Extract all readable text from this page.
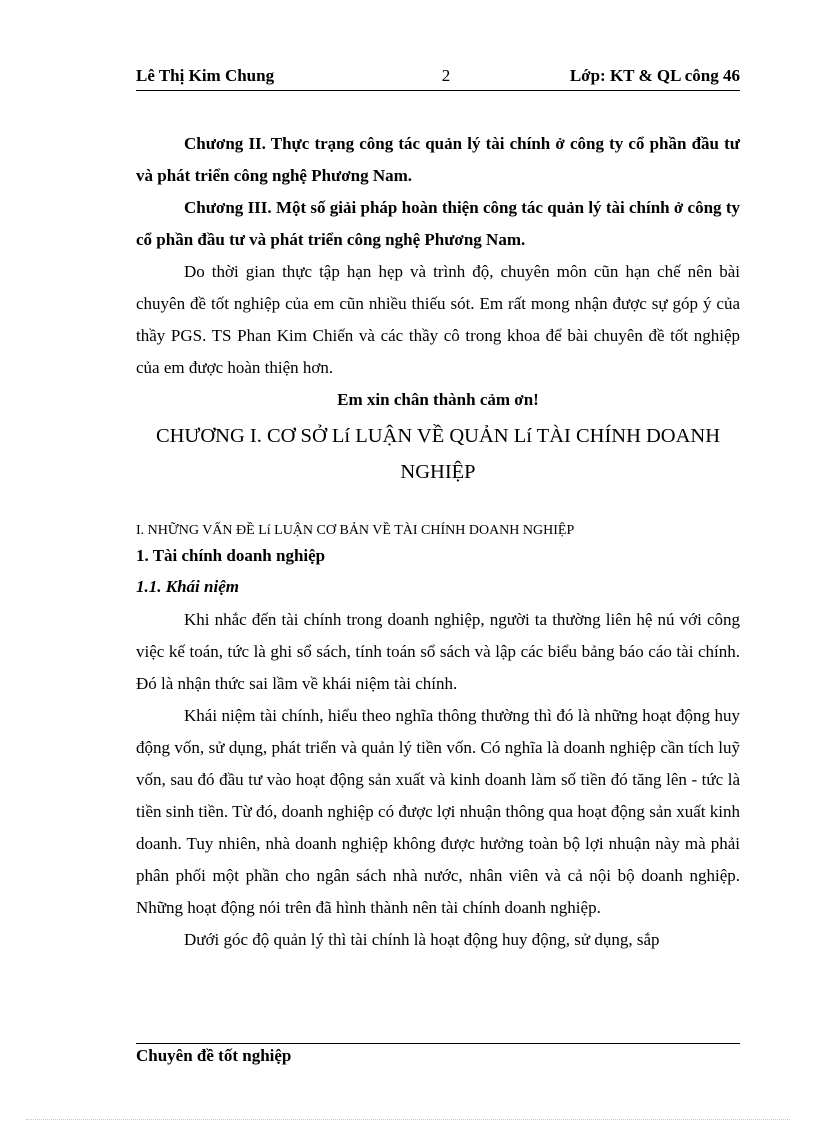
Lê Thị Kim Chung	2	Lớp: KT & QL công 46

Chương II. Thực trạng công tác quản lý tài chính ở công ty cổ phần đầu tư và phát triển công nghệ Phương Nam.

Chương III. Một số giải pháp hoàn thiện công tác quản lý tài chính ở công ty cổ phần đầu tư và phát triển công nghệ Phương Nam.

Do thời gian thực tập hạn hẹp và trình độ, chuyên môn cũn hạn chế nên bài chuyên đề tốt nghiệp của em cũn nhiều thiếu sót. Em rất mong nhận được sự góp ý của thầy PGS. TS Phan Kim Chiến và các thầy cô trong khoa để bài chuyên đề tốt nghiệp của em được hoàn thiện hơn.

Em xin chân thành cảm ơn!

CHƯƠNG I. CƠ SỞ Lí LUẬN VỀ QUẢN Lí TÀI CHÍNH DOANH NGHIỆP

I. NHỮNG VẤN ĐỀ Lí LUẬN CƠ BẢN VỀ TÀI CHÍNH DOANH NGHIỆP

1. Tài chính doanh nghiệp

1.1. Khái niệm

Khi nhắc đến tài chính trong doanh nghiệp, người ta thường liên hệ nú với công việc kế toán, tức là ghi sổ sách, tính toán sổ sách và lập các biểu bảng báo cáo tài chính. Đó là nhận thức sai lầm về khái niệm tài chính.

Khái niệm tài chính, hiểu theo nghĩa thông thường thì đó là những hoạt động huy động vốn, sử dụng, phát triển và quản lý tiền vốn. Có nghĩa là doanh nghiệp cần tích luỹ vốn, sau đó đầu tư vào hoạt động sản xuất và kinh doanh làm số tiền đó tăng lên - tức là tiền sinh tiền. Từ đó, doanh nghiệp có được lợi nhuận thông qua hoạt động sản xuất kinh doanh. Tuy nhiên, nhà doanh nghiệp không được hưởng toàn bộ lợi nhuận này mà phải phân phối một phần cho ngân sách nhà nước, nhân viên và cả nội bộ doanh nghiệp. Những hoạt động nói trên đã hình thành nên tài chính doanh nghiệp.

Dưới góc độ quản lý thì tài chính là hoạt động huy động, sử dụng, sắp

Chuyên đề tốt nghiệp
